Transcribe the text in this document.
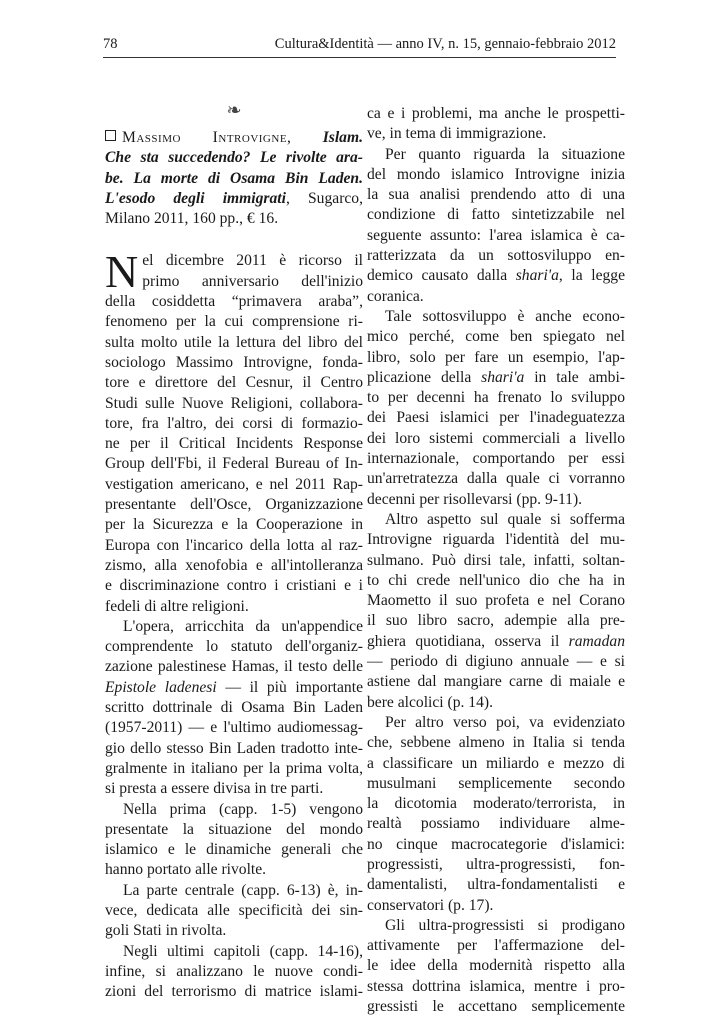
78	Cultura&Identità — anno IV, n. 15, gennaio-febbraio 2012
❧
Massimo Introvigne, Islam.
Che sta succedendo? Le rivolte ara-
be. La morte di Osama Bin Laden.
L'esodo degli immigrati, Sugarco,
Milano 2011, 160 pp., € 16.

N el dicembre 2011 è ricorso il
primo anniversario dell'inizio
della cosiddetta “primavera araba”,
fenomeno per la cui comprensione ri-
sulta molto utile la lettura del libro del
sociologo Massimo Introvigne, fonda-
tore e direttore del Cesnur, il Centro
Studi sulle Nuove Religioni, collabora-
tore, fra l'altro, dei corsi di formazio-
ne per il Critical Incidents Response
Group dell'Fbi, il Federal Bureau of In-
vestigation americano, e nel 2011 Rap-
presentante dell'Osce, Organizzazione
per la Sicurezza e la Cooperazione in
Europa con l'incarico della lotta al raz-
zismo, alla xenofobia e all'intolleranza
e discriminazione contro i cristiani e i
fedeli di altre religioni.

L'opera, arricchita da un'appendice
comprendente lo statuto dell'organiz-
zazione palestinese Hamas, il testo delle
Epistole ladenesi — il più importante
scritto dottrinale di Osama Bin Laden
(1957-2011) — e l'ultimo audiomessag-
gio dello stesso Bin Laden tradotto inte-
gralmente in italiano per la prima volta,
si presta a essere divisa in tre parti.

Nella prima (capp. 1-5) vengono
presentate la situazione del mondo
islamico e le dinamiche generali che
hanno portato alle rivolte.

La parte centrale (capp. 6-13) è, in-
vece, dedicata alle specificità dei sin-
goli Stati in rivolta.

Negli ultimi capitoli (capp. 14-16),
infine, si analizzano le nuove condi-
zioni del terrorismo di matrice islami-

ca e i problemi, ma anche le prospetti-
ve, in tema di immigrazione.

Per quanto riguarda la situazione
del mondo islamico Introvigne inizia
la sua analisi prendendo atto di una
condizione di fatto sintetizzabile nel
seguente assunto: l'area islamica è ca-
ratterizzata da un sottosviluppo en-
demico causato dalla shari'a, la legge
coranica.

Tale sottosviluppo è anche econo-
mico perché, come ben spiegato nel
libro, solo per fare un esempio, l'ap-
plicazione della shari'a in tale ambi-
to per decenni ha frenato lo sviluppo
dei Paesi islamici per l'inadeguatezza
dei loro sistemi commerciali a livello
internazionale, comportando per essi
un'arretratezza dalla quale ci vorranno
decenni per risollevarsi (pp. 9-11).

Altro aspetto sul quale si sofferma
Introvigne riguarda l'identità del mu-
sulmano. Può dirsi tale, infatti, soltan-
to chi crede nell'unico dio che ha in
Maometto il suo profeta e nel Corano
il suo libro sacro, adempie alla pre-
ghiera quotidiana, osserva il ramadan
— periodo di digiuno annuale — e si
astiene dal mangiare carne di maiale e
bere alcolici (p. 14).

Per altro verso poi, va evidenziato
che, sebbene almeno in Italia si tenda
a classificare un miliardo e mezzo di
musulmani semplicemente secondo
la dicotomia moderato/terrorista, in
realtà possiamo individuare alme-
no cinque macrocategorie d'islamici:
progressisti, ultra-progressisti, fon-
damentalisti, ultra-fondamentalisti e
conservatori (p. 17).

Gli ultra-progressisti si prodigano
attivamente per l'affermazione del-
le idee della modernità rispetto alla
stessa dottrina islamica, mentre i pro-
gressisti le accettano semplicemente
